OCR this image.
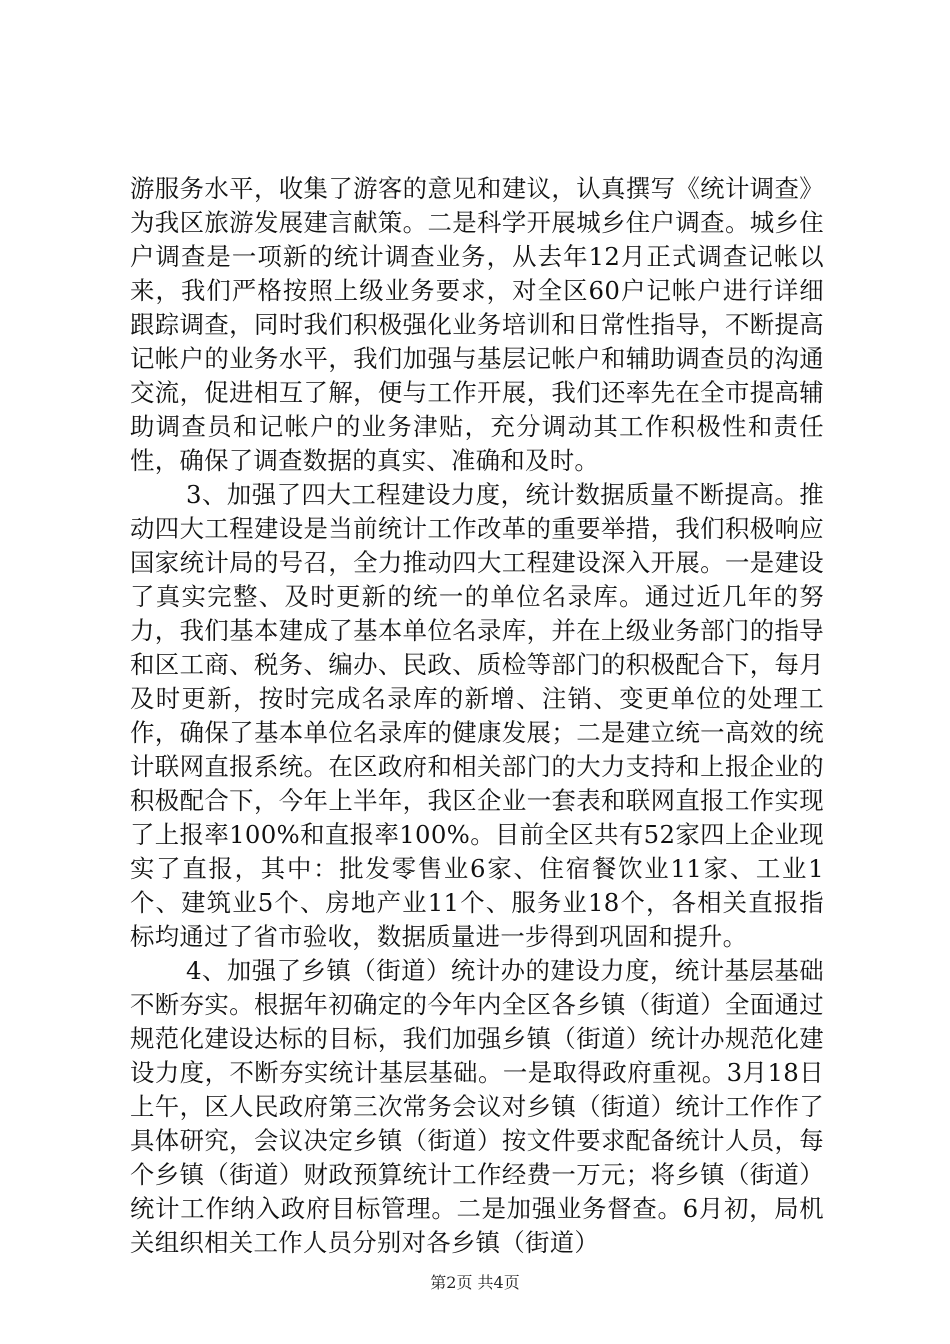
游服务水平，收集了游客的意见和建议，认真撰写《统计调查》为我区旅游发展建言献策。二是科学开展城乡住户调查。城乡住户调查是一项新的统计调查业务，从去年12月正式调查记帐以来，我们严格按照上级业务要求，对全区60户记帐户进行详细跟踪调查，同时我们积极强化业务培训和日常性指导，不断提高记帐户的业务水平，我们加强与基层记帐户和辅助调查员的沟通交流，促进相互了解，便与工作开展，我们还率先在全市提高辅助调查员和记帐户的业务津贴，充分调动其工作积极性和责任性，确保了调查数据的真实、准确和及时。

3、加强了四大工程建设力度，统计数据质量不断提高。推动四大工程建设是当前统计工作改革的重要举措，我们积极响应国家统计局的号召，全力推动四大工程建设深入开展。一是建设了真实完整、及时更新的统一的单位名录库。通过近几年的努力，我们基本建成了基本单位名录库，并在上级业务部门的指导和区工商、税务、编办、民政、质检等部门的积极配合下，每月及时更新，按时完成名录库的新增、注销、变更单位的处理工作，确保了基本单位名录库的健康发展；二是建立统一高效的统计联网直报系统。在区政府和相关部门的大力支持和上报企业的积极配合下，今年上半年，我区企业一套表和联网直报工作实现了上报率100%和直报率100%。目前全区共有52家四上企业现实了直报，其中：批发零售业6家、住宿餐饮业11家、工业1个、建筑业5个、房地产业11个、服务业18个，各相关直报指标均通过了省市验收，数据质量进一步得到巩固和提升。

4、加强了乡镇（街道）统计办的建设力度，统计基层基础不断夯实。根据年初确定的今年内全区各乡镇（街道）全面通过规范化建设达标的目标，我们加强乡镇（街道）统计办规范化建设力度，不断夯实统计基层基础。一是取得政府重视。3月18日上午，区人民政府第三次常务会议对乡镇（街道）统计工作作了具体研究，会议决定乡镇（街道）按文件要求配备统计人员，每个乡镇（街道）财政预算统计工作经费一万元；将乡镇（街道）统计工作纳入政府目标管理。二是加强业务督查。6月初，局机关组织相关工作人员分别对各乡镇（街道）

第2页 共4页
